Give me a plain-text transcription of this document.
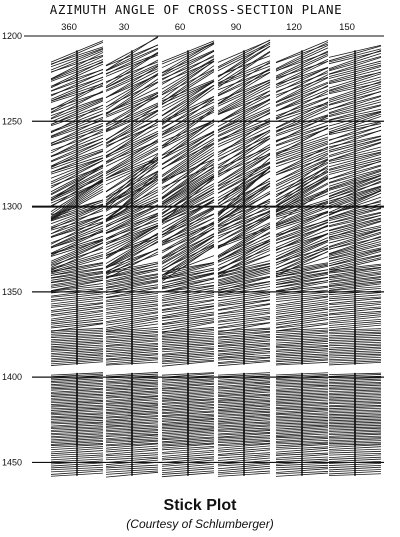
AZIMUTH ANGLE OF CROSS-SECTION PLANE
360	30	60	90	120	150
1200
1250
1300
1350
1400
1450
Stick Plot
(Courtesy of Schlumberger)
